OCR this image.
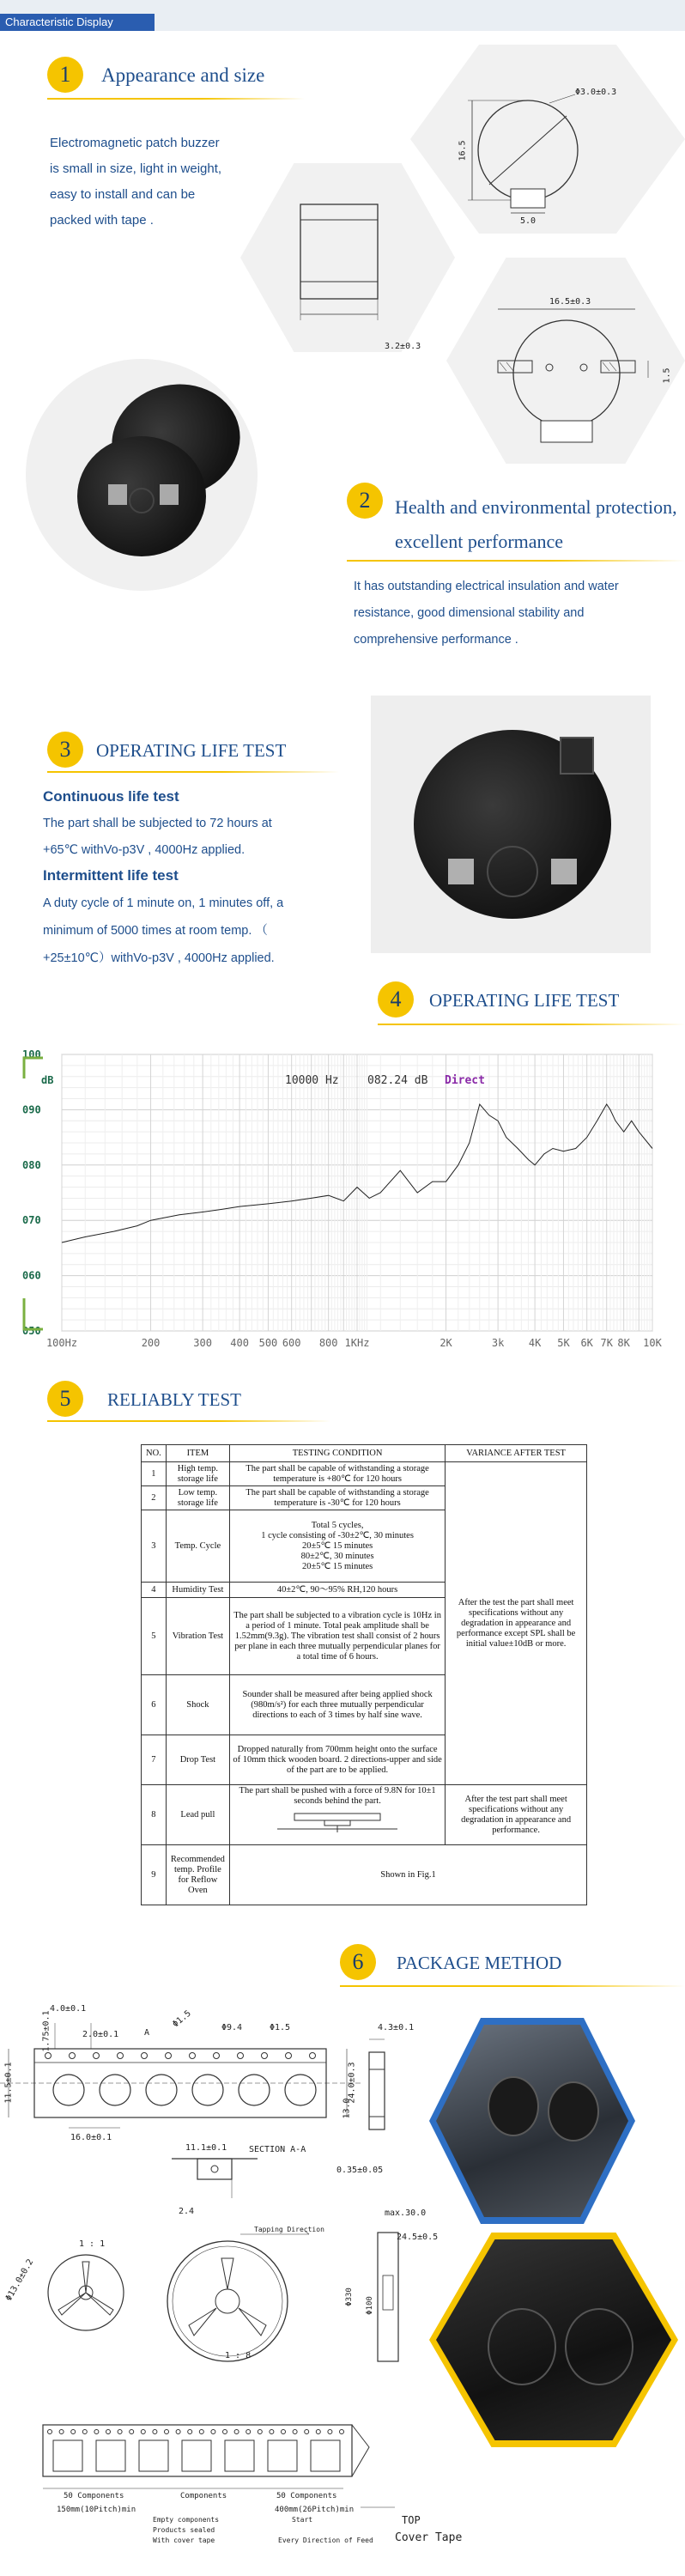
Characteristic Display
1	Appearance and size
Electromagnetic patch buzzer
is small in size, light in weight,
easy to install and can be
packed with tape .
Φ3.0±0.3
16.5
5.0
3.2±0.3
16.5±0.3
1.5
2	Health and environmental protection,
excellent performance
It has outstanding electrical insulation and water
resistance, good dimensional stability and
comprehensive performance .
3	OPERATING LIFE TEST
Continuous life test
The part shall be subjected to 72 hours at
+65℃ withVo-p3V , 4000Hz applied.
Intermittent life test
A duty cycle of 1 minute on, 1 minutes off, a
minimum of 5000 times at room temp. （
+25±10℃）withVo-p3V , 4000Hz applied.
4	OPERATING LIFE TEST
100
090
080
070
060
050
100Hz	200	300 400 500 600 800 1KHz	2K	3k 4K 5K 6K 7K 8K 10K
10000 Hz	082.24 dB Direct
dB
5	RELIABLY TEST
NO.	ITEM	TESTING CONDITION	VARIANCE AFTER TEST
1	High temp. storage life	The part shall be capable of withstanding a storage temperature is +80℃ for 120 hours	After the test the part shall meet specifications without any degradation in appearance and performance except SPL shall be initial value±10dB or more.
2	Low temp. storage life	The part shall be capable of withstanding a storage temperature is -30℃ for 120 hours	
3	Temp. Cycle	Total 5 cycles,
1 cycle consisting of -30±2℃, 30 minutes
20±5℃ 15 minutes
80±2℃, 30 minutes
20±5℃ 15 minutes	

4	Humidity Test	40±2℃, 90～95% RH,120 hours	
5	Vibration Test	The part shall be subjected to a vibration cycle is 10Hz in a period of 1 minute. Total peak amplitude shall be 1.52mm(9.3g). The vibration test shall consist of 2 hours per plane in each three mutually perpendicular planes for a total time of 6 hours.	
6	Shock	Sounder shall be measured after being applied shock (980m/s²) for each three mutually perpendicular directions to each of 3 times by half sine wave.	
7	Drop Test	Dropped naturally from 700mm height onto the surface of 10mm thick wooden board. 2 directions-upper and side of the part are to be applied.	
8	Lead pull	The part shall be pushed with a force of 9.8N for 10±1 seconds behind the part.	After the test part shall meet specifications without any degradation in appearance and performance.
9	Recommended temp. Profile for Reflow Oven	Shown in Fig.1	
6	PACKAGE METHOD
4.0±0.1
1.75±0.1	2.0±0.1	A
Φ1.5	Φ9.4	Φ1.5
11.5±0.1	24.0±0.3
16.0±0.1
11.1±0.1	SECTION A-A
2.4
4.3±0.1
13.0
0.35±0.05
Tapping Direction
1 : 8
1 : 1
Φ13.0±0.2
max.30.0
24.5±0.5
Φ330 Φ100
50 Components	Components	50 Components
150mm(10Pitch)min
Empty components
Products sealed
With cover tape
Start
400mm(26Pitch)min
Every Direction of Feed
TOP
Cover Tape
